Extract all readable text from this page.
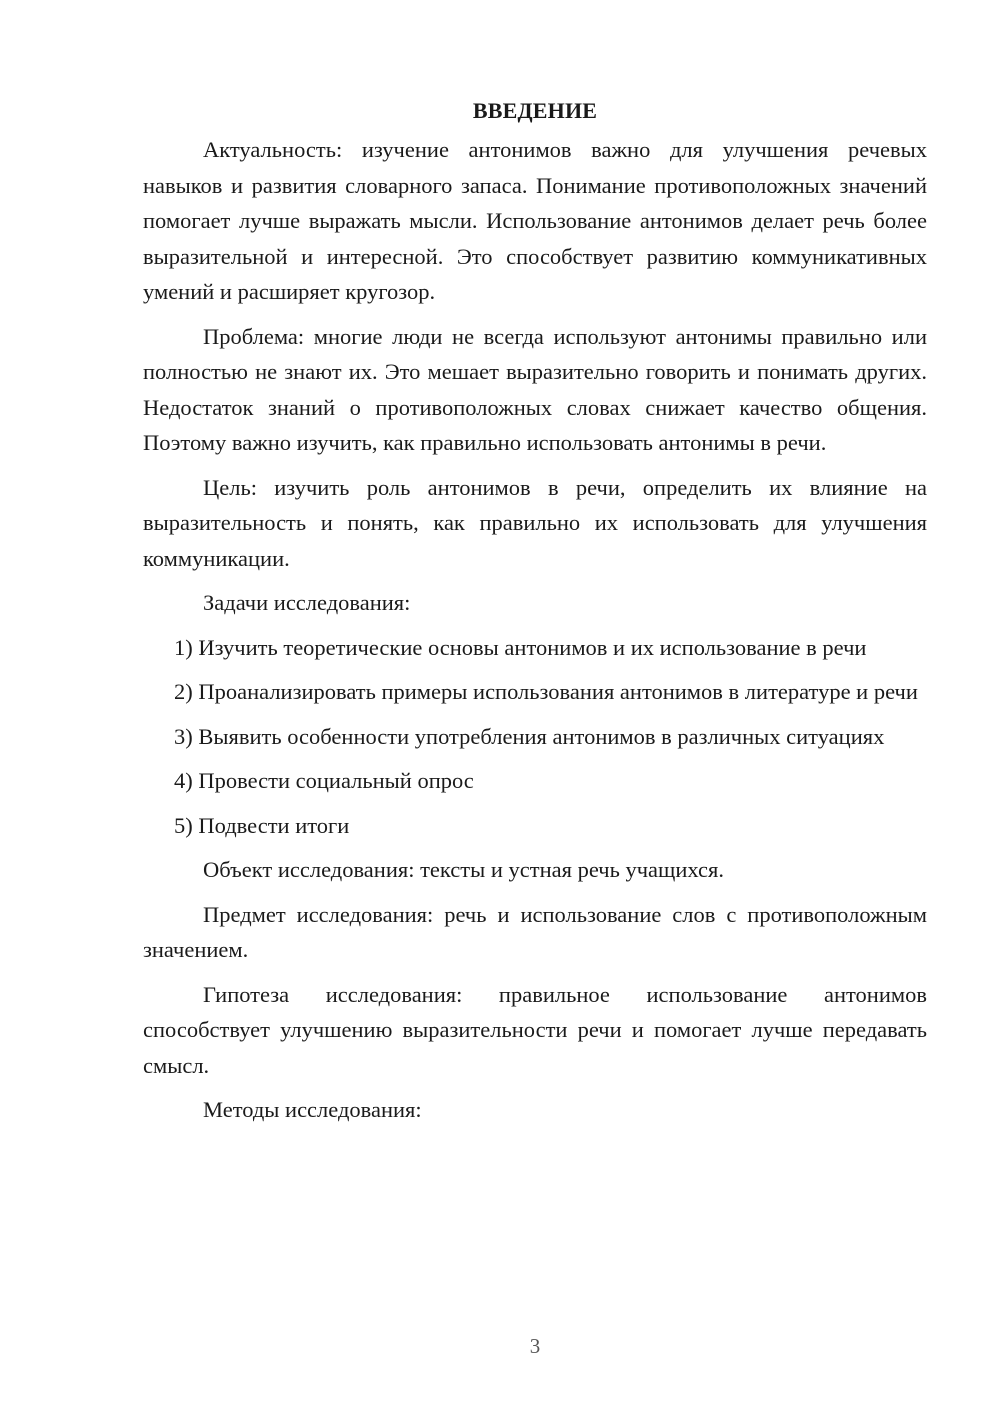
ВВЕДЕНИЕ

Актуальность: изучение антонимов важно для улучшения речевых навыков и развития словарного запаса. Понимание противоположных значений помогает лучше выражать мысли. Использование антонимов делает речь более выразительной и интересной. Это способствует развитию коммуникативных умений и расширяет кругозор.

Проблема: многие люди не всегда используют антонимы правильно или полностью не знают их. Это мешает выразительно говорить и понимать других. Недостаток знаний о противоположных словах снижает качество общения. Поэтому важно изучить, как правильно использовать антонимы в речи.

Цель: изучить роль антонимов в речи, определить их влияние на выразительность и понять, как правильно их использовать для улучшения коммуникации.

Задачи исследования:

1) Изучить теоретические основы антонимов и их использование в речи

2) Проанализировать примеры использования антонимов в литературе и речи

3) Выявить особенности употребления антонимов в различных ситуациях

4) Провести социальный опрос

5) Подвести итоги

Объект исследования: тексты и устная речь учащихся.

Предмет исследования: речь и использование слов с противоположным значением.

Гипотеза исследования: правильное использование антонимов способствует улучшению выразительности речи и помогает лучше передавать смысл.

Методы исследования:

3
